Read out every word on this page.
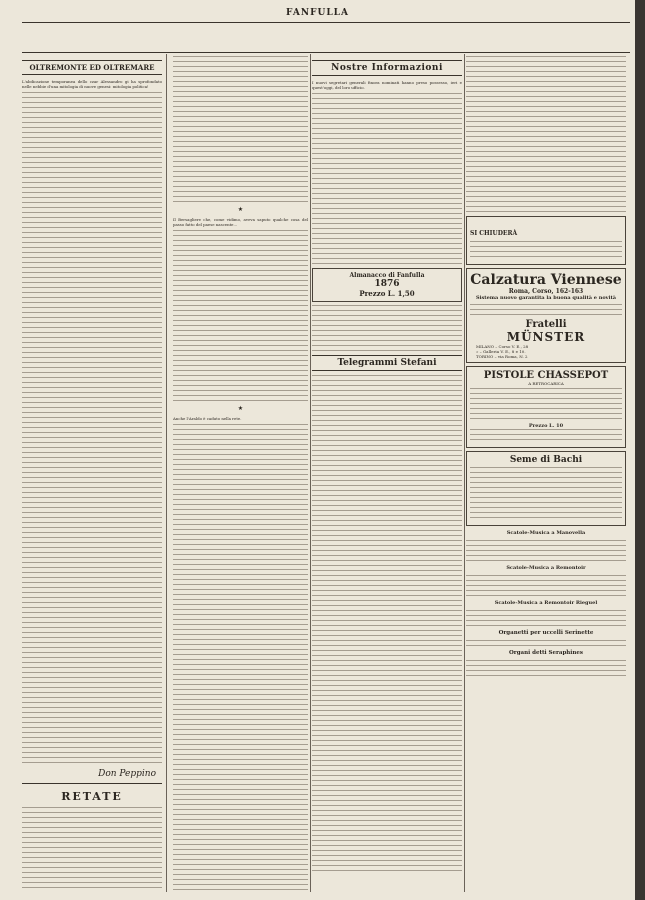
FANFULLA
OLTREMONTE ED OLTREMARE

L'abdicazione temporanea dello czar Alessandro gi ha sprofondato nelle nebbie d'una mitologia di nuove genesi: mitologia politica!

Don Peppino
RETATE
★

Il Bersagliere che, come vidimo, aveva saputo qualche cosa del passo fatto del paese nascente...

★

Anche l'Araldo è caduto nella rete.

Nostre Informazioni

I nuovi segretari generali finora nominati hanno preso possesso, ieri e quest'oggi, del loro ufficio.

Almanacco di Fanfulla
1876
Prezzo L. 1,50
Telegrammi Stefani
SI CHIUDERÀ
Calzatura Viennese
Roma, Corso, 162-163
Sistema nuovo garantita la buona qualità e novità
Fratelli
MÜNSTER
MILANO – Corso V. E., 28
» – Galleria V. E., 8 e 10.
TORINO – via Roma, N. 2
PISTOLE CHASSEPOT
A RETROCARICA
Prezzo L. 10
Seme di Bachi
Scatole-Musica a Manovella
Scatole-Musica a Remontoir
Scatole-Musica a Remontoir Rieguel
Organetti per uccelli Serinette
Organi detti Seraphines
